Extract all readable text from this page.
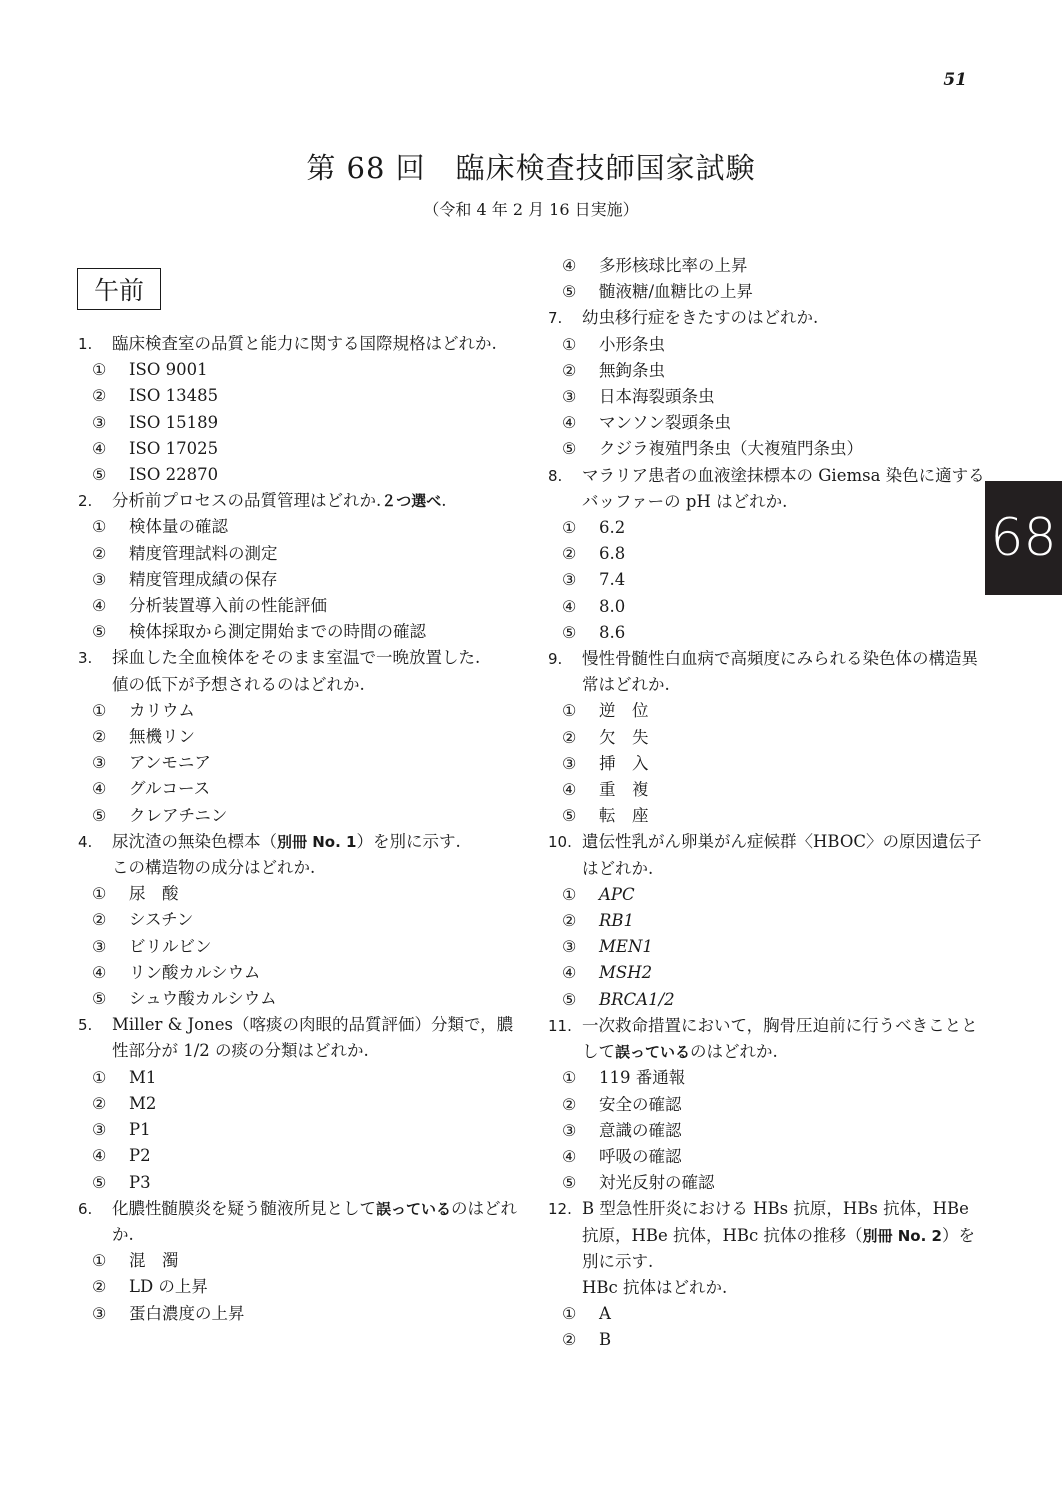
51
第 68 回　臨床検査技師国家試験
（令和 4 年 2 月 16 日実施）
午前
68
1.	臨床検査室の品質と能力に関する国際規格はどれか.
①	ISO 9001
②	ISO 13485
③	ISO 15189
④	ISO 17025
⑤	ISO 22870
2.	分析前プロセスの品質管理はどれか.２つ選べ.
①	検体量の確認
②	精度管理試料の測定
③	精度管理成績の保存
④	分析装置導入前の性能評価
⑤	検体採取から測定開始までの時間の確認
3.	採血した全血検体をそのまま室温で一晩放置した.
値の低下が予想されるのはどれか.
①	カリウム
②	無機リン
③	アンモニア
④	グルコース
⑤	クレアチニン
4.	尿沈渣の無染色標本（別冊 No. 1）を別に示す.
この構造物の成分はどれか.
①	尿　酸
②	シスチン
③	ビリルビン
④	リン酸カルシウム
⑤	シュウ酸カルシウム
5.	Miller & Jones（喀痰の肉眼的品質評価）分類で，膿性部分が 1/2 の痰の分類はどれか.
①	M1
②	M2
③	P1
④	P2
⑤	P3
6.	化膿性髄膜炎を疑う髄液所見として誤っているのはどれか.
①	混　濁
②	LD の上昇
③	蛋白濃度の上昇
④	多形核球比率の上昇
⑤	髄液糖/血糖比の上昇
7.	幼虫移行症をきたすのはどれか.
①	小形条虫
②	無鉤条虫
③	日本海裂頭条虫
④	マンソン裂頭条虫
⑤	クジラ複殖門条虫（大複殖門条虫）
8.	マラリア患者の血液塗抹標本の Giemsa 染色に適するバッファーの pH はどれか.
①	6.2
②	6.8
③	7.4
④	8.0
⑤	8.6
9.	慢性骨髄性白血病で高頻度にみられる染色体の構造異常はどれか.
①	逆　位
②	欠　失
③	挿　入
④	重　複
⑤	転　座
10. 遺伝性乳がん卵巣がん症候群〈HBOC〉の原因遺伝子はどれか.
①	APC
②	RB1
③	MEN1
④	MSH2
⑤	BRCA1/2
11. 一次救命措置において，胸骨圧迫前に行うべきこととして誤っているのはどれか.
①	119 番通報
②	安全の確認
③	意識の確認
④	呼吸の確認
⑤	対光反射の確認
12. B 型急性肝炎における HBs 抗原，HBs 抗体，HBe 抗原，HBe 抗体，HBc 抗体の推移（別冊 No. 2）を別に示す.
HBc 抗体はどれか.
①	A
②	B
